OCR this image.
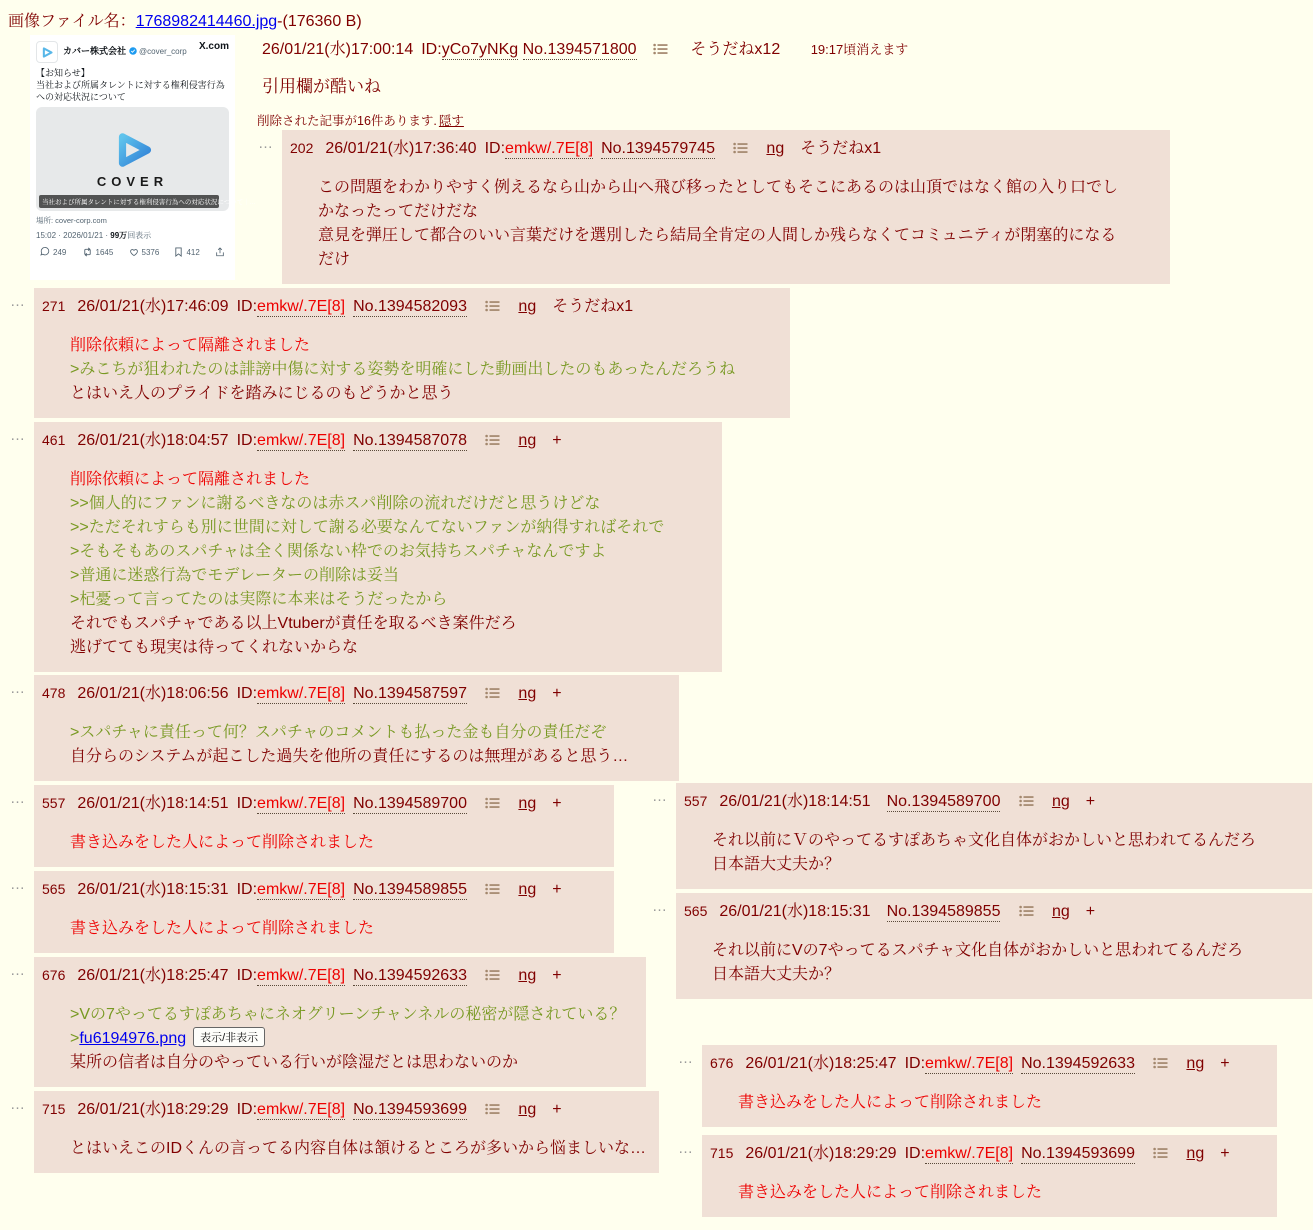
画像ファイル名：1768982414460.jpg-(176360 B)
カバー株式会社 @cover_corp	X.com
【お知らせ】
当社および所属タレントに対する権利侵害行為への対応状況について
COVER
当社および所属タレントに対する権利侵害行為への対応状況について｜...
場所: cover-corp.com
15:02 · 2026/01/21 · 99万回表示
249	1645	5376	412
26/01/21(水)17:00:14 ID:yCo7yNKg No.1394571800	そうだねx12 19:17頃消えます
引用欄が酷いね
削除された記事が16件あります. 隠す
… 202 26/01/21(水)17:36:40 ID:emkw/.7E[8] No.1394579745	ng そうだねx1
この問題をわかりやすく例えるなら山から山へ飛び移ったとしてもそこにあるのは山頂ではなく館の入り口でし
かなったってだけだな
意見を弾圧して都合のいい言葉だけを選別したら結局全肯定の人間しか残らなくてコミュニティが閉塞的になる
だけ
… 271 26/01/21(水)17:46:09 ID:emkw/.7E[8] No.1394582093	ng そうだねx1
削除依頼によって隔離されました
>みこちが狙われたのは誹謗中傷に対する姿勢を明確にした動画出したのもあったんだろうね
とはいえ人のプライドを踏みにじるのもどうかと思う
… 461 26/01/21(水)18:04:57 ID:emkw/.7E[8] No.1394587078	ng +
削除依頼によって隔離されました
>>個人的にファンに謝るべきなのは赤スパ削除の流れだけだと思うけどな
>>ただそれすらも別に世間に対して謝る必要なんてないファンが納得すればそれで
>そもそもあのスパチャは全く関係ない枠でのお気持ちスパチャなんですよ
>普通に迷惑行為でモデレーターの削除は妥当
>杞憂って言ってたのは実際に本来はそうだったから
それでもスパチャである以上Vtuberが責任を取るべき案件だろ
逃げてても現実は待ってくれないからな
… 478 26/01/21(水)18:06:56 ID:emkw/.7E[8] No.1394587597	ng +
>スパチャに責任って何？スパチャのコメントも払った金も自分の責任だぞ
自分らのシステムが起こした過失を他所の責任にするのは無理があると思う…
… 557 26/01/21(水)18:14:51 ID:emkw/.7E[8] No.1394589700	ng +
書き込みをした人によって削除されました
… 565 26/01/21(水)18:15:31 ID:emkw/.7E[8] No.1394589855	ng +
書き込みをした人によって削除されました
… 676 26/01/21(水)18:25:47 ID:emkw/.7E[8] No.1394592633	ng +
>Vの7やってるすぽあちゃにネオグリーンチャンネルの秘密が隠されている？
>fu6194976.png 表示/非表示
某所の信者は自分のやっている行いが陰湿だとは思わないのか
… 715 26/01/21(水)18:29:29 ID:emkw/.7E[8] No.1394593699	ng +
とはいえこのIDくんの言ってる内容自体は頷けるところが多いから悩ましいな…
… 557 26/01/21(水)18:14:51 No.1394589700	ng +
それ以前にＶのやってるすぽあちゃ文化自体がおかしいと思われてるんだろ
日本語大丈夫か？
… 565 26/01/21(水)18:15:31 No.1394589855	ng +
それ以前にVの7やってるスパチャ文化自体がおかしいと思われてるんだろ
日本語大丈夫か？
… 676 26/01/21(水)18:25:47 ID:emkw/.7E[8] No.1394592633	ng +
書き込みをした人によって削除されました
… 715 26/01/21(水)18:29:29 ID:emkw/.7E[8] No.1394593699	ng +
書き込みをした人によって削除されました
